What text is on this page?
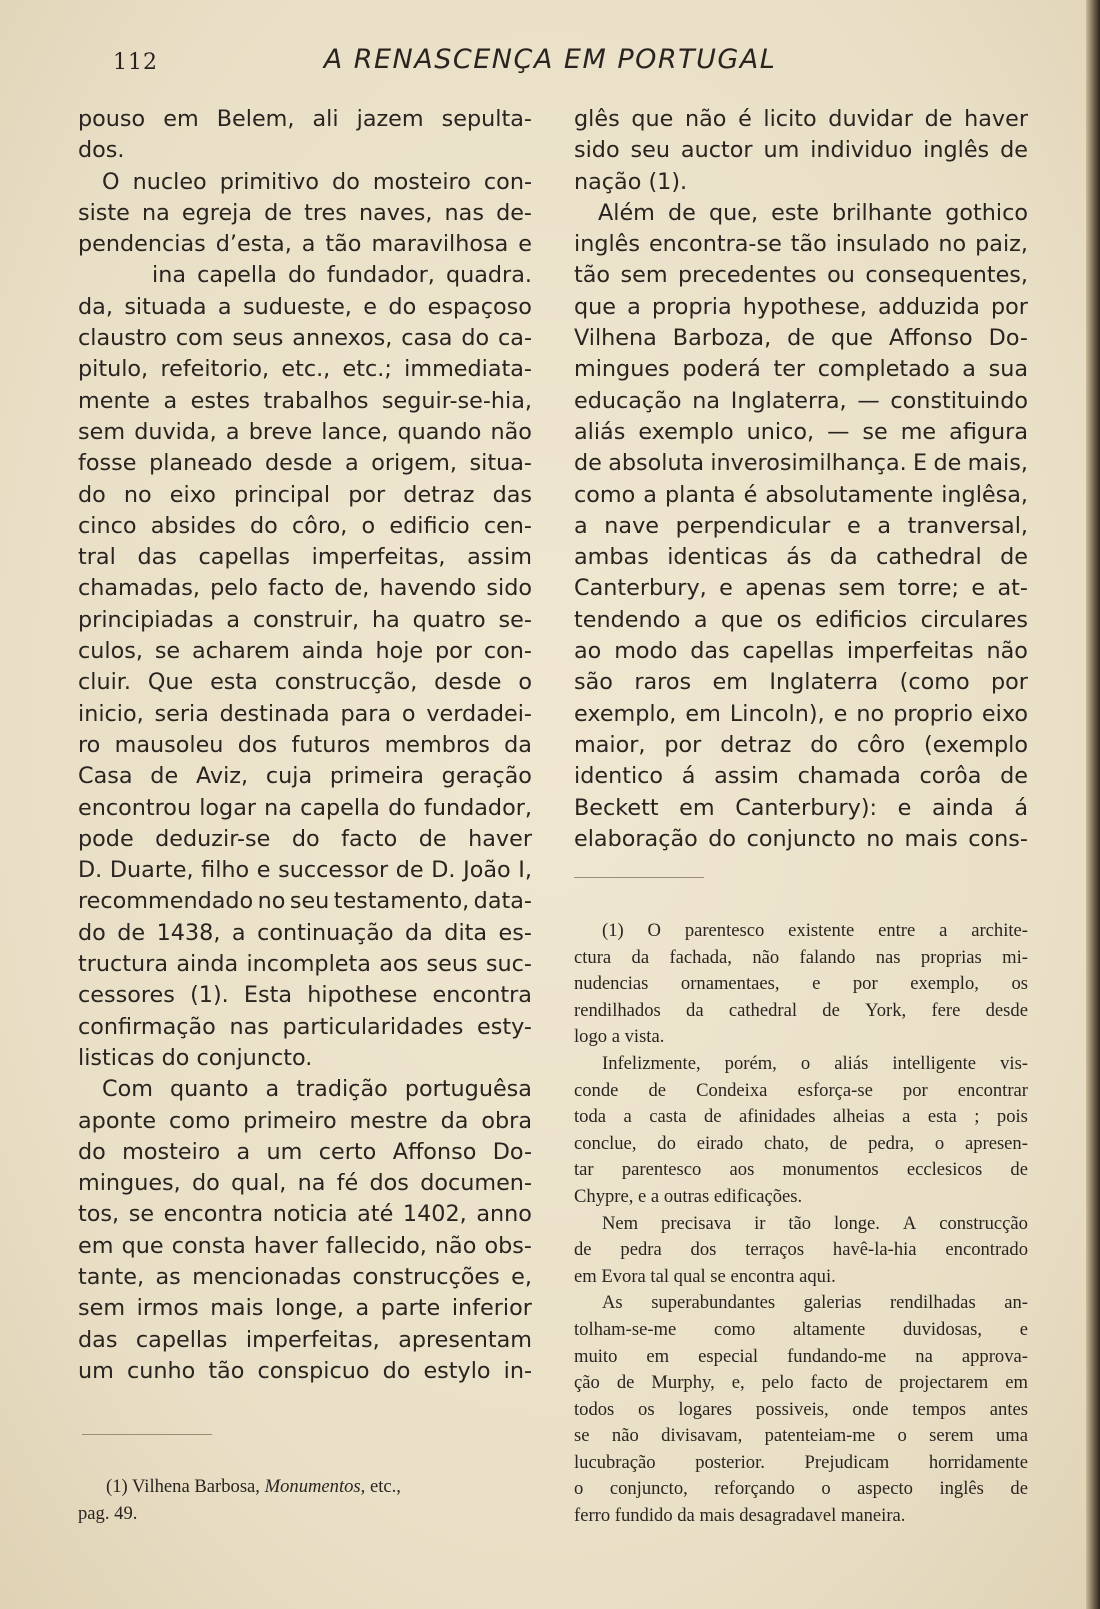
112	A RENASCENÇA EM PORTUGAL
pouso em Belem, ali jazem sepulta-
dos.
O nucleo primitivo do mosteiro con-
siste na egreja de tres naves, nas de-
pendencias d’esta, a tão maravilhosa e
ina capella do fundador, quadra.
da, situada a sudueste, e do espaçoso
claustro com seus annexos, casa do ca-
pitulo, refeitorio, etc., etc.; immediata-
mente a estes trabalhos seguir-se-hia,
sem duvida, a breve lance, quando não
fosse planeado desde a origem, situa-
do no eixo principal por detraz das
cinco absides do côro, o edificio cen-
tral das capellas imperfeitas, assim
chamadas, pelo facto de, havendo sido
principiadas a construir, ha quatro se-
culos, se acharem ainda hoje por con-
cluir. Que esta construcção, desde o
inicio, seria destinada para o verdadei-
ro mausoleu dos futuros membros da
Casa de Aviz, cuja primeira geração
encontrou logar na capella do fundador,
pode deduzir-se do facto de haver
D. Duarte, filho e successor de D. João I,
recommendado no seu testamento, data-
do de 1438, a continuação da dita es-
tructura ainda incompleta aos seus suc-
cessores (1). Esta hipothese encontra
confirmação nas particularidades esty-
listicas do conjuncto.
Com quanto a tradição portuguêsa
aponte como primeiro mestre da obra
do mosteiro a um certo Affonso Do-
mingues, do qual, na fé dos documen-
tos, se encontra noticia até 1402, anno
em que consta haver fallecido, não obs-
tante, as mencionadas construcções e,
sem irmos mais longe, a parte inferior
das capellas imperfeitas, apresentam
um cunho tão conspicuo do estylo in-
(1) Vilhena Barbosa, Monumentos, etc.,
pag. 49.
glês que não é licito duvidar de haver
sido seu auctor um individuo inglês de
nação (1).
Além de que, este brilhante gothico
inglês encontra-se tão insulado no paiz,
tão sem precedentes ou consequentes,
que a propria hypothese, adduzida por
Vilhena Barboza, de que Affonso Do-
mingues poderá ter completado a sua
educação na Inglaterra, — constituindo
aliás exemplo unico, — se me afigura
de absoluta inverosimilhança. E de mais,
como a planta é absolutamente inglêsa,
a nave perpendicular e a tranversal,
ambas identicas ás da cathedral de
Canterbury, e apenas sem torre; e at-
tendendo a que os edificios circulares
ao modo das capellas imperfeitas não
são raros em Inglaterra (como por
exemplo, em Lincoln), e no proprio eixo
maior, por detraz do côro (exemplo
identico á assim chamada corôa de
Beckett em Canterbury): e ainda á
elaboração do conjuncto no mais cons-
(1) O parentesco existente entre a archite-
ctura da fachada, não falando nas proprias mi-
nudencias ornamentaes, e por exemplo, os
rendilhados da cathedral de York, fere desde
logo a vista.
Infelizmente, porém, o aliás intelligente vis-
conde de Condeixa esforça-se por encontrar
toda a casta de afinidades alheias a esta ; pois
conclue, do eirado chato, de pedra, o apresen-
tar parentesco aos monumentos ecclesicos de
Chypre, e a outras edificações.
Nem precisava ir tão longe. A construcção
de pedra dos terraços havê-la-hia encontrado
em Evora tal qual se encontra aqui.
As superabundantes galerias rendilhadas an-
tolham-se-me como altamente duvidosas, e
muito em especial fundando-me na approva-
ção de Murphy, e, pelo facto de projectarem em
todos os logares possiveis, onde tempos antes
se não divisavam, patenteiam-me o serem uma
lucubração posterior. Prejudicam horridamente
o conjuncto, reforçando o aspecto inglês de
ferro fundido da mais desagradavel maneira.
